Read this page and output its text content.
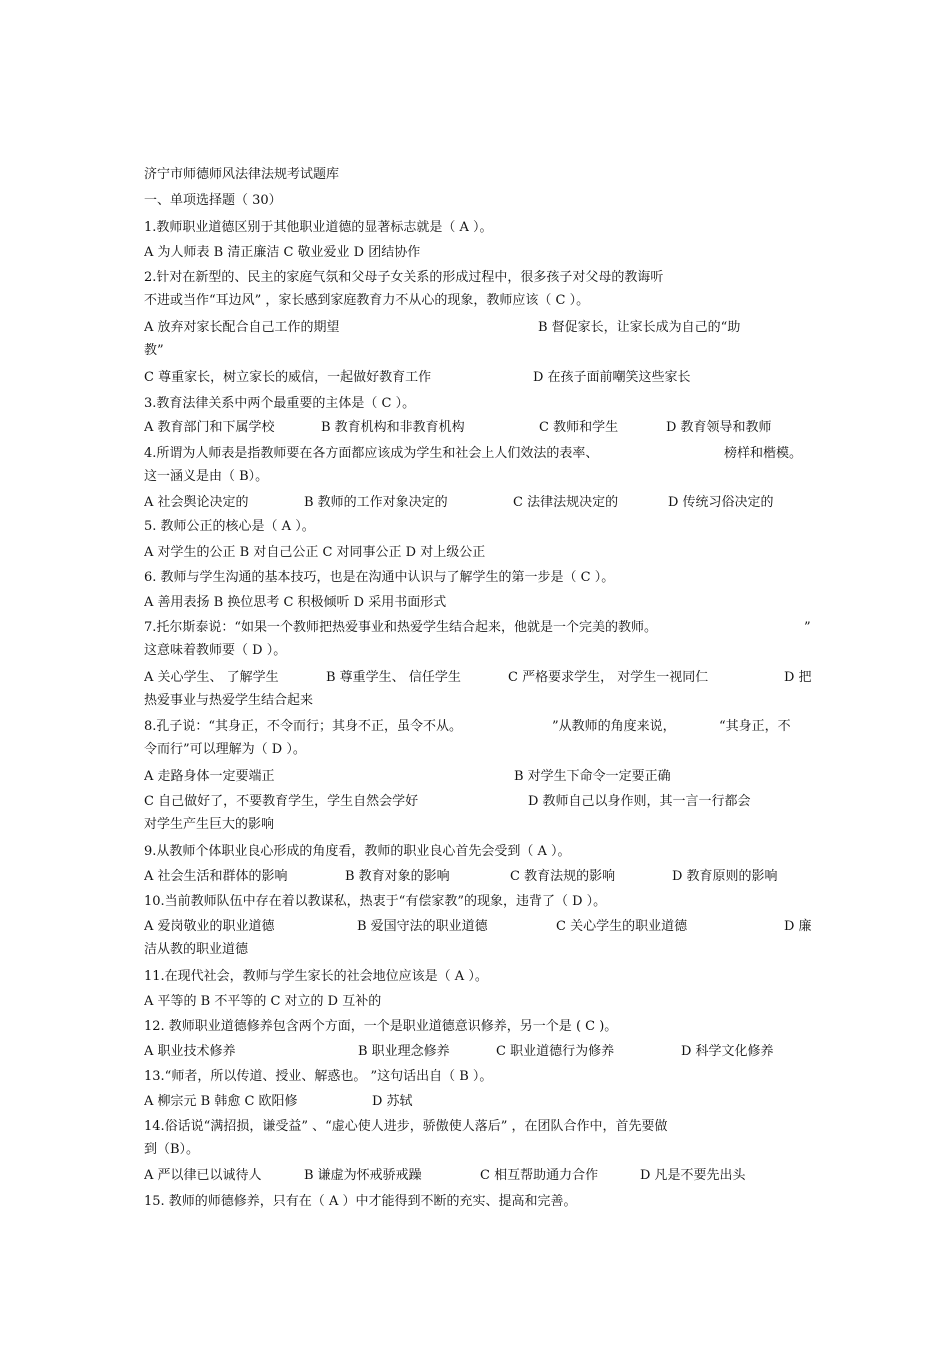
济宁市师德师风法律法规考试题库
一、单项选择题（ 30）
1.教师职业道德区别于其他职业道德的显著标志就是（ A ）。
A 为人师表 B 清正廉洁 C 敬业爱业 D 团结协作
2.针对在新型的、民主的家庭气氛和父母子女关系的形成过程中，很多孩子对父母的教诲听
不进或当作“耳边风” ，家长感到家庭教育力不从心的现象，教师应该（ C ）。
A 放弃对家长配合自己工作的期望	B 督促家长，让家长成为自己的“助
教”
C 尊重家长，树立家长的威信，一起做好教育工作	D 在孩子面前嘲笑这些家长
3.教育法律关系中两个最重要的主体是（ C ）。
A 教育部门和下属学校	B 教育机构和非教育机构	C 教师和学生	D 教育领导和教师
4.所谓为人师表是指教师要在各方面都应该成为学生和社会上人们效法的表率、	榜样和楷模。
这一涵义是由（ B）。
A 社会舆论决定的	B 教师的工作对象决定的	C 法律法规决定的	D 传统习俗决定的
5. 教师公正的核心是（ A ）。
A 对学生的公正 B 对自己公正 C 对同事公正 D 对上级公正
6. 教师与学生沟通的基本技巧，也是在沟通中认识与了解学生的第一步是（ C ）。
A 善用表扬 B 换位思考 C 积极倾听 D 采用书面形式
7.托尔斯泰说：“如果一个教师把热爱事业和热爱学生结合起来，他就是一个完美的教师。	”
这意味着教师要（ D ）。
A 关心学生、 了解学生	B 尊重学生、 信任学生	C 严格要求学生， 对学生一视同仁	D 把
热爱事业与热爱学生结合起来
8.孔子说：“其身正，不令而行；其身不正，虽令不从。	”从教师的角度来说，	“其身正，不
令而行”可以理解为（ D ）。
A 走路身体一定要端正	B 对学生下命令一定要正确
C 自己做好了，不要教育学生，学生自然会学好	D 教师自己以身作则，其一言一行都会
对学生产生巨大的影响
9.从教师个体职业良心形成的角度看，教师的职业良心首先会受到（ A ）。
A 社会生活和群体的影响	B 教育对象的影响	C 教育法规的影响	D 教育原则的影响
10.当前教师队伍中存在着以教谋私，热衷于“有偿家教”的现象，违背了（ D ）。
A 爱岗敬业的职业道德	B 爱国守法的职业道德	C 关心学生的职业道德	D 廉
洁从教的职业道德
11.在现代社会，教师与学生家长的社会地位应该是（ A ）。
A 平等的 B 不平等的 C 对立的 D 互补的
12. 教师职业道德修养包含两个方面，一个是职业道德意识修养，另一个是 ( C )。
A 职业技术修养	B 职业理念修养	C 职业道德行为修养	D 科学文化修养
13.“师者，所以传道、授业、解惑也。 ”这句话出自（ B ）。
A 柳宗元 B 韩愈 C 欧阳修	D 苏轼
14.俗话说“满招损，谦受益” 、“虚心使人进步，骄傲使人落后” ，在团队合作中，首先要做
到（B）。
A 严以律已以诚待人	B 谦虚为怀戒骄戒躁	C 相互帮助通力合作	D 凡是不要先出头
15. 教师的师德修养，只有在（ A ）中才能得到不断的充实、提高和完善。
